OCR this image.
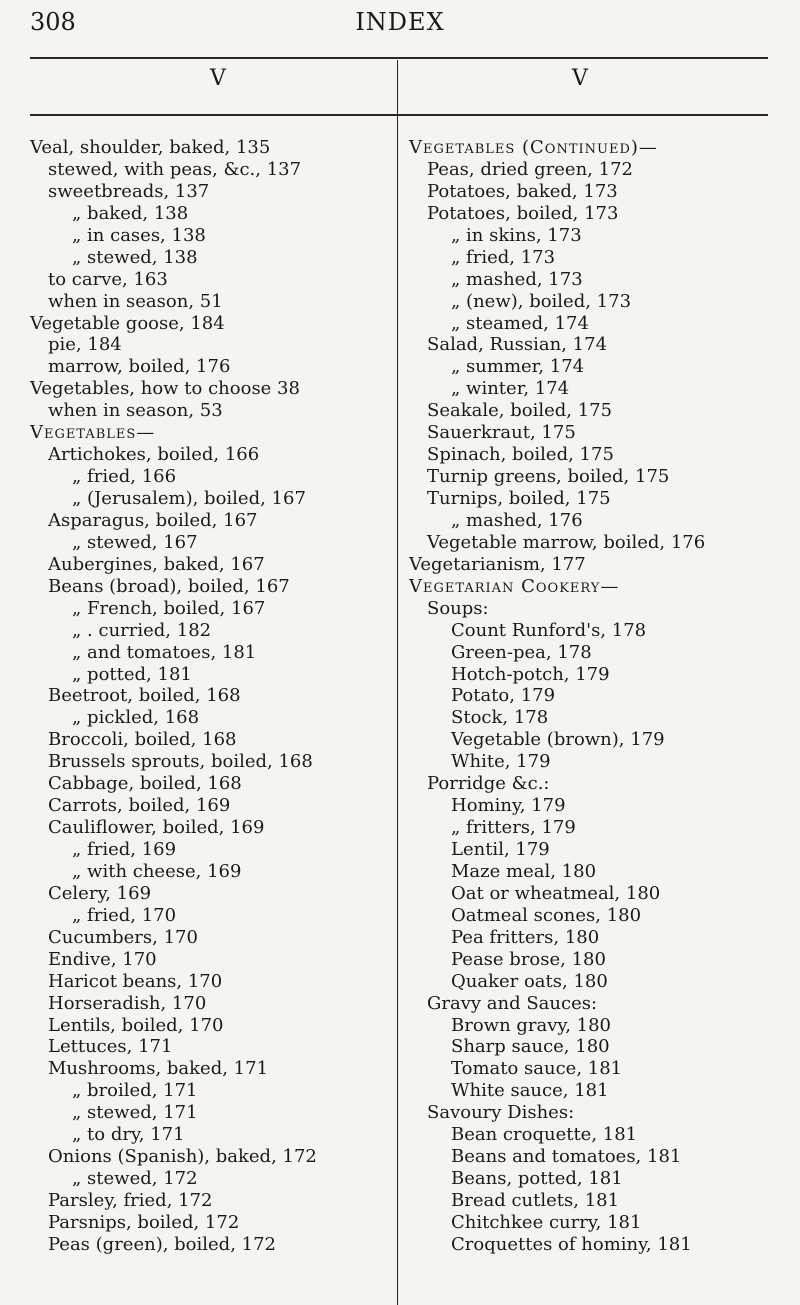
308	INDEX
V	V
Veal, shoulder, baked, 135
stewed, with peas, &c., 137
sweetbreads, 137
„ baked, 138
„ in cases, 138
„ stewed, 138
to carve, 163
when in season, 51
Vegetable goose, 184
pie, 184
marrow, boiled, 176
Vegetables, how to choose 38
when in season, 53
Vegetables—
Artichokes, boiled, 166
„ fried, 166
„ (Jerusalem), boiled, 167
Asparagus, boiled, 167
„ stewed, 167
Aubergines, baked, 167
Beans (broad), boiled, 167
„ French, boiled, 167
„ . curried, 182
„ and tomatoes, 181
„ potted, 181
Beetroot, boiled, 168
„ pickled, 168
Broccoli, boiled, 168
Brussels sprouts, boiled, 168
Cabbage, boiled, 168
Carrots, boiled, 169
Cauliflower, boiled, 169
„ fried, 169
„ with cheese, 169
Celery, 169
„ fried, 170
Cucumbers, 170
Endive, 170
Haricot beans, 170
Horseradish, 170
Lentils, boiled, 170
Lettuces, 171
Mushrooms, baked, 171
„ broiled, 171
„ stewed, 171
„ to dry, 171
Onions (Spanish), baked, 172
„ stewed, 172
Parsley, fried, 172
Parsnips, boiled, 172
Peas (green), boiled, 172
Vegetables (Continued)—
Peas, dried green, 172
Potatoes, baked, 173
Potatoes, boiled, 173
„ in skins, 173
„ fried, 173
„ mashed, 173
„ (new), boiled, 173
„ steamed, 174
Salad, Russian, 174
„ summer, 174
„ winter, 174
Seakale, boiled, 175
Sauerkraut, 175
Spinach, boiled, 175
Turnip greens, boiled, 175
Turnips, boiled, 175
„ mashed, 176
Vegetable marrow, boiled, 176
Vegetarianism, 177
Vegetarian Cookery—
Soups:
Count Runford's, 178
Green-pea, 178
Hotch-potch, 179
Potato, 179
Stock, 178
Vegetable (brown), 179
White, 179
Porridge &c.:
Hominy, 179
„ fritters, 179
Lentil, 179
Maze meal, 180
Oat or wheatmeal, 180
Oatmeal scones, 180
Pea fritters, 180
Pease brose, 180
Quaker oats, 180
Gravy and Sauces:
Brown gravy, 180
Sharp sauce, 180
Tomato sauce, 181
White sauce, 181
Savoury Dishes:
Bean croquette, 181
Beans and tomatoes, 181
Beans, potted, 181
Bread cutlets, 181
Chitchkee curry, 181
Croquettes of hominy, 181
